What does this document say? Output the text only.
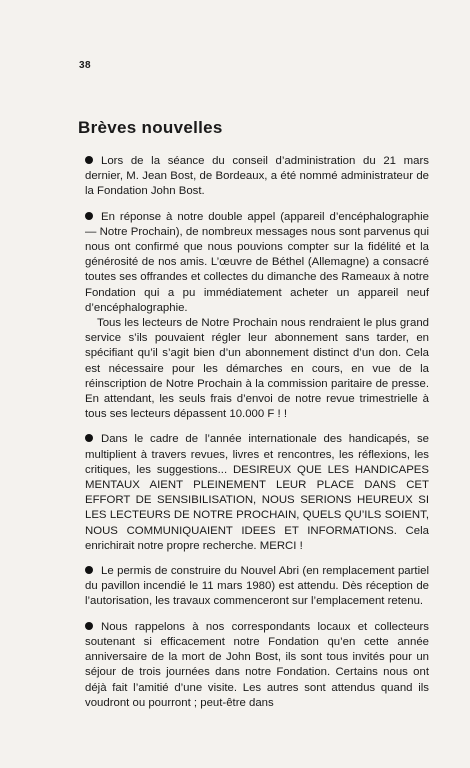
38
Brèves nouvelles

Lors de la séance du conseil d’administration du 21 mars dernier, M. Jean Bost, de Bordeaux, a été nommé administrateur de la Fondation John Bost.

En réponse à notre double appel (appareil d’encéphalographie — Notre Prochain), de nombreux messages nous sont parvenus qui nous ont confirmé que nous pouvions compter sur la fidélité et la générosité de nos amis. L’œuvre de Béthel (Allemagne) a consacré toutes ses offrandes et collectes du dimanche des Rameaux à notre Fondation qui a pu immédiatement acheter un appareil neuf d’encéphalographie.

Tous les lecteurs de Notre Prochain nous rendraient le plus grand service s’ils pouvaient régler leur abonnement sans tarder, en spécifiant qu’il s’agit bien d’un abonnement distinct d’un don. Cela est nécessaire pour les démarches en cours, en vue de la réinscription de Notre Prochain à la commission paritaire de presse. En attendant, les seuls frais d’envoi de notre revue trimestrielle à tous ses lecteurs dépassent 10.000 F ! !

Dans le cadre de l’année internationale des handicapés, se multiplient à travers revues, livres et rencontres, les réflexions, les critiques, les suggestions... DESIREUX QUE LES HANDICAPES MENTAUX AIENT PLEINEMENT LEUR PLACE DANS CET EFFORT DE SENSIBILISATION, NOUS SERIONS HEUREUX SI LES LECTEURS DE NOTRE PROCHAIN, QUELS QU’ILS SOIENT, NOUS COMMUNIQUAIENT IDEES ET INFORMATIONS. Cela enrichirait notre propre recherche. MERCI !

Le permis de construire du Nouvel Abri (en remplacement partiel du pavillon incendié le 11 mars 1980) est attendu. Dès réception de l’autorisation, les travaux commenceront sur l’emplacement retenu.

Nous rappelons à nos correspondants locaux et collecteurs soutenant si efficacement notre Fondation qu’en cette année anniversaire de la mort de John Bost, ils sont tous invités pour un séjour de trois journées dans notre Fondation. Certains nous ont déjà fait l’amitié d’une visite. Les autres sont attendus quand ils voudront ou pourront ; peut-être dans
